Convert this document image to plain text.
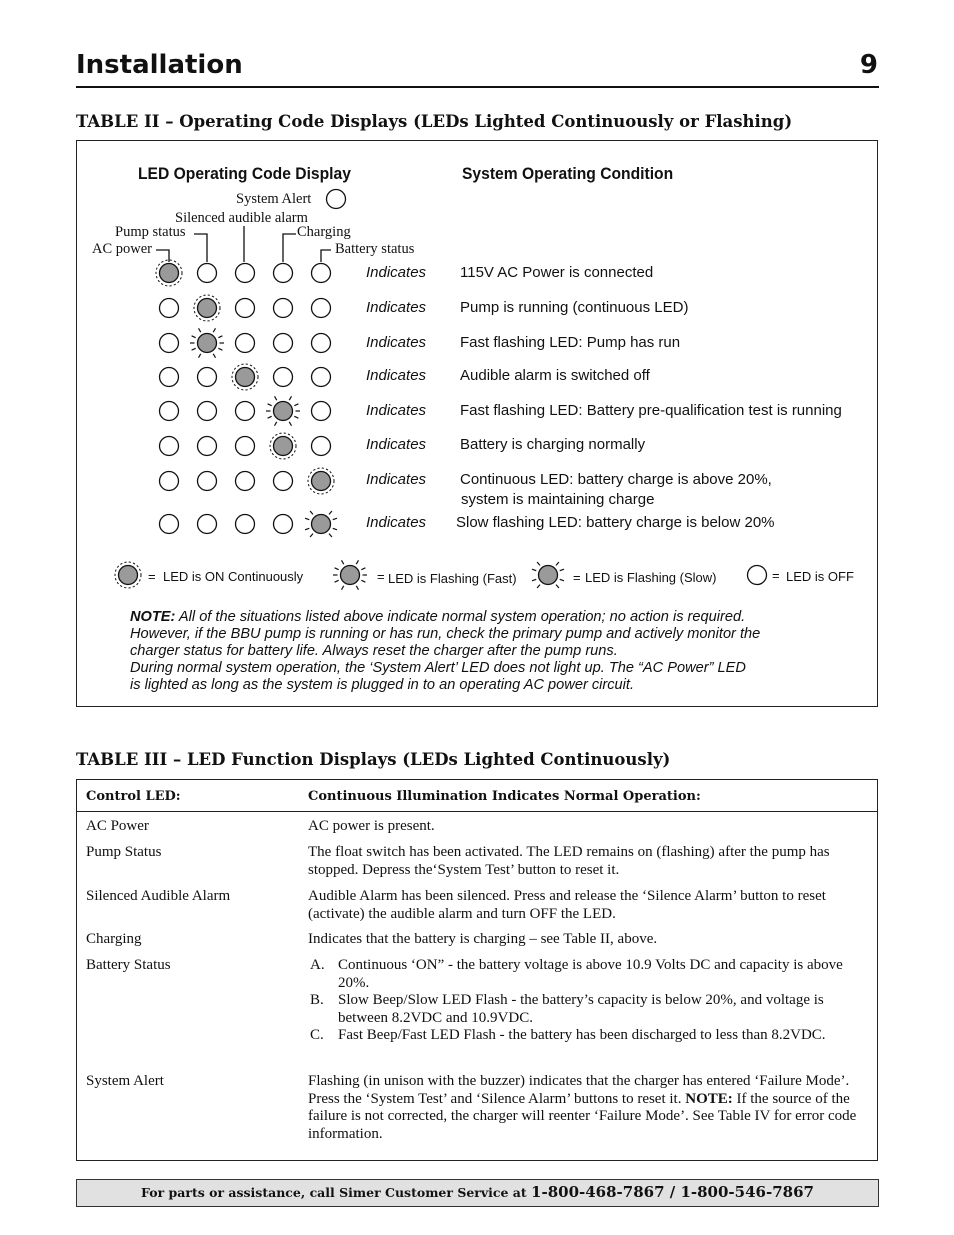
Installation	9
TABLE II – Operating Code Displays (LEDs Lighted Continuously or Flashing)
LED Operating Code Display	System Operating Condition
System Alert
Silenced audible alarm
Pump status	Charging
AC power	Battery status
Indicates 115V AC Power is connected
Indicates Pump is running (continuous LED)
Indicates Fast flashing LED: Pump has run
Indicates Audible alarm is switched off
Indicates Fast flashing LED: Battery pre-qualification test is running
Indicates Battery is charging normally
Indicates Continuous LED: battery charge is above 20%,
system is maintaining charge
Indicates Slow flashing LED: battery charge is below 20%
= LED is ON Continuously	= LED is Flashing (Fast)	= LED is Flashing (Slow)	= LED is OFF
NOTE: All of the situations listed above indicate normal system operation; no action is required.
However, if the BBU pump is running or has run, check the primary pump and actively monitor the
charger status for battery life. Always reset the charger after the pump runs.
During normal system operation, the ‘System Alert’ LED does not light up. The “AC Power” LED
is lighted as long as the system is plugged in to an operating AC power circuit.
TABLE III – LED Function Displays (LEDs Lighted Continuously)
Control LED:	Continuous Illumination Indicates Normal Operation:
AC Power	AC power is present.
Pump Status	The float switch has been activated. The LED remains on (flashing) after the pump has stopped. Depress the‘System Test’ button to reset it.
Silenced Audible Alarm	Audible Alarm has been silenced. Press and release the ‘Silence Alarm’ button to reset (activate) the audible alarm and turn OFF the LED.
Charging	Indicates that the battery is charging – see Table II, above.
Battery Status	A. Continuous ‘ON” - the battery voltage is above 10.9 Volts DC and capacity is above 20%.
B. Slow Beep/Slow LED Flash - the battery’s capacity is below 20%, and voltage is between 8.2VDC and 10.9VDC.
C. Fast Beep/Fast LED Flash - the battery has been discharged to less than 8.2VDC.
System Alert	Flashing (in unison with the buzzer) indicates that the charger has entered ‘Failure Mode’. Press the ‘System Test’ and ‘Silence Alarm’ buttons to reset it. NOTE: If the source of the failure is not corrected, the charger will reenter ‘Failure Mode’. See Table IV for error code information.
For parts or assistance, call Simer Customer Service at 1-800-468-7867 / 1-800-546-7867
